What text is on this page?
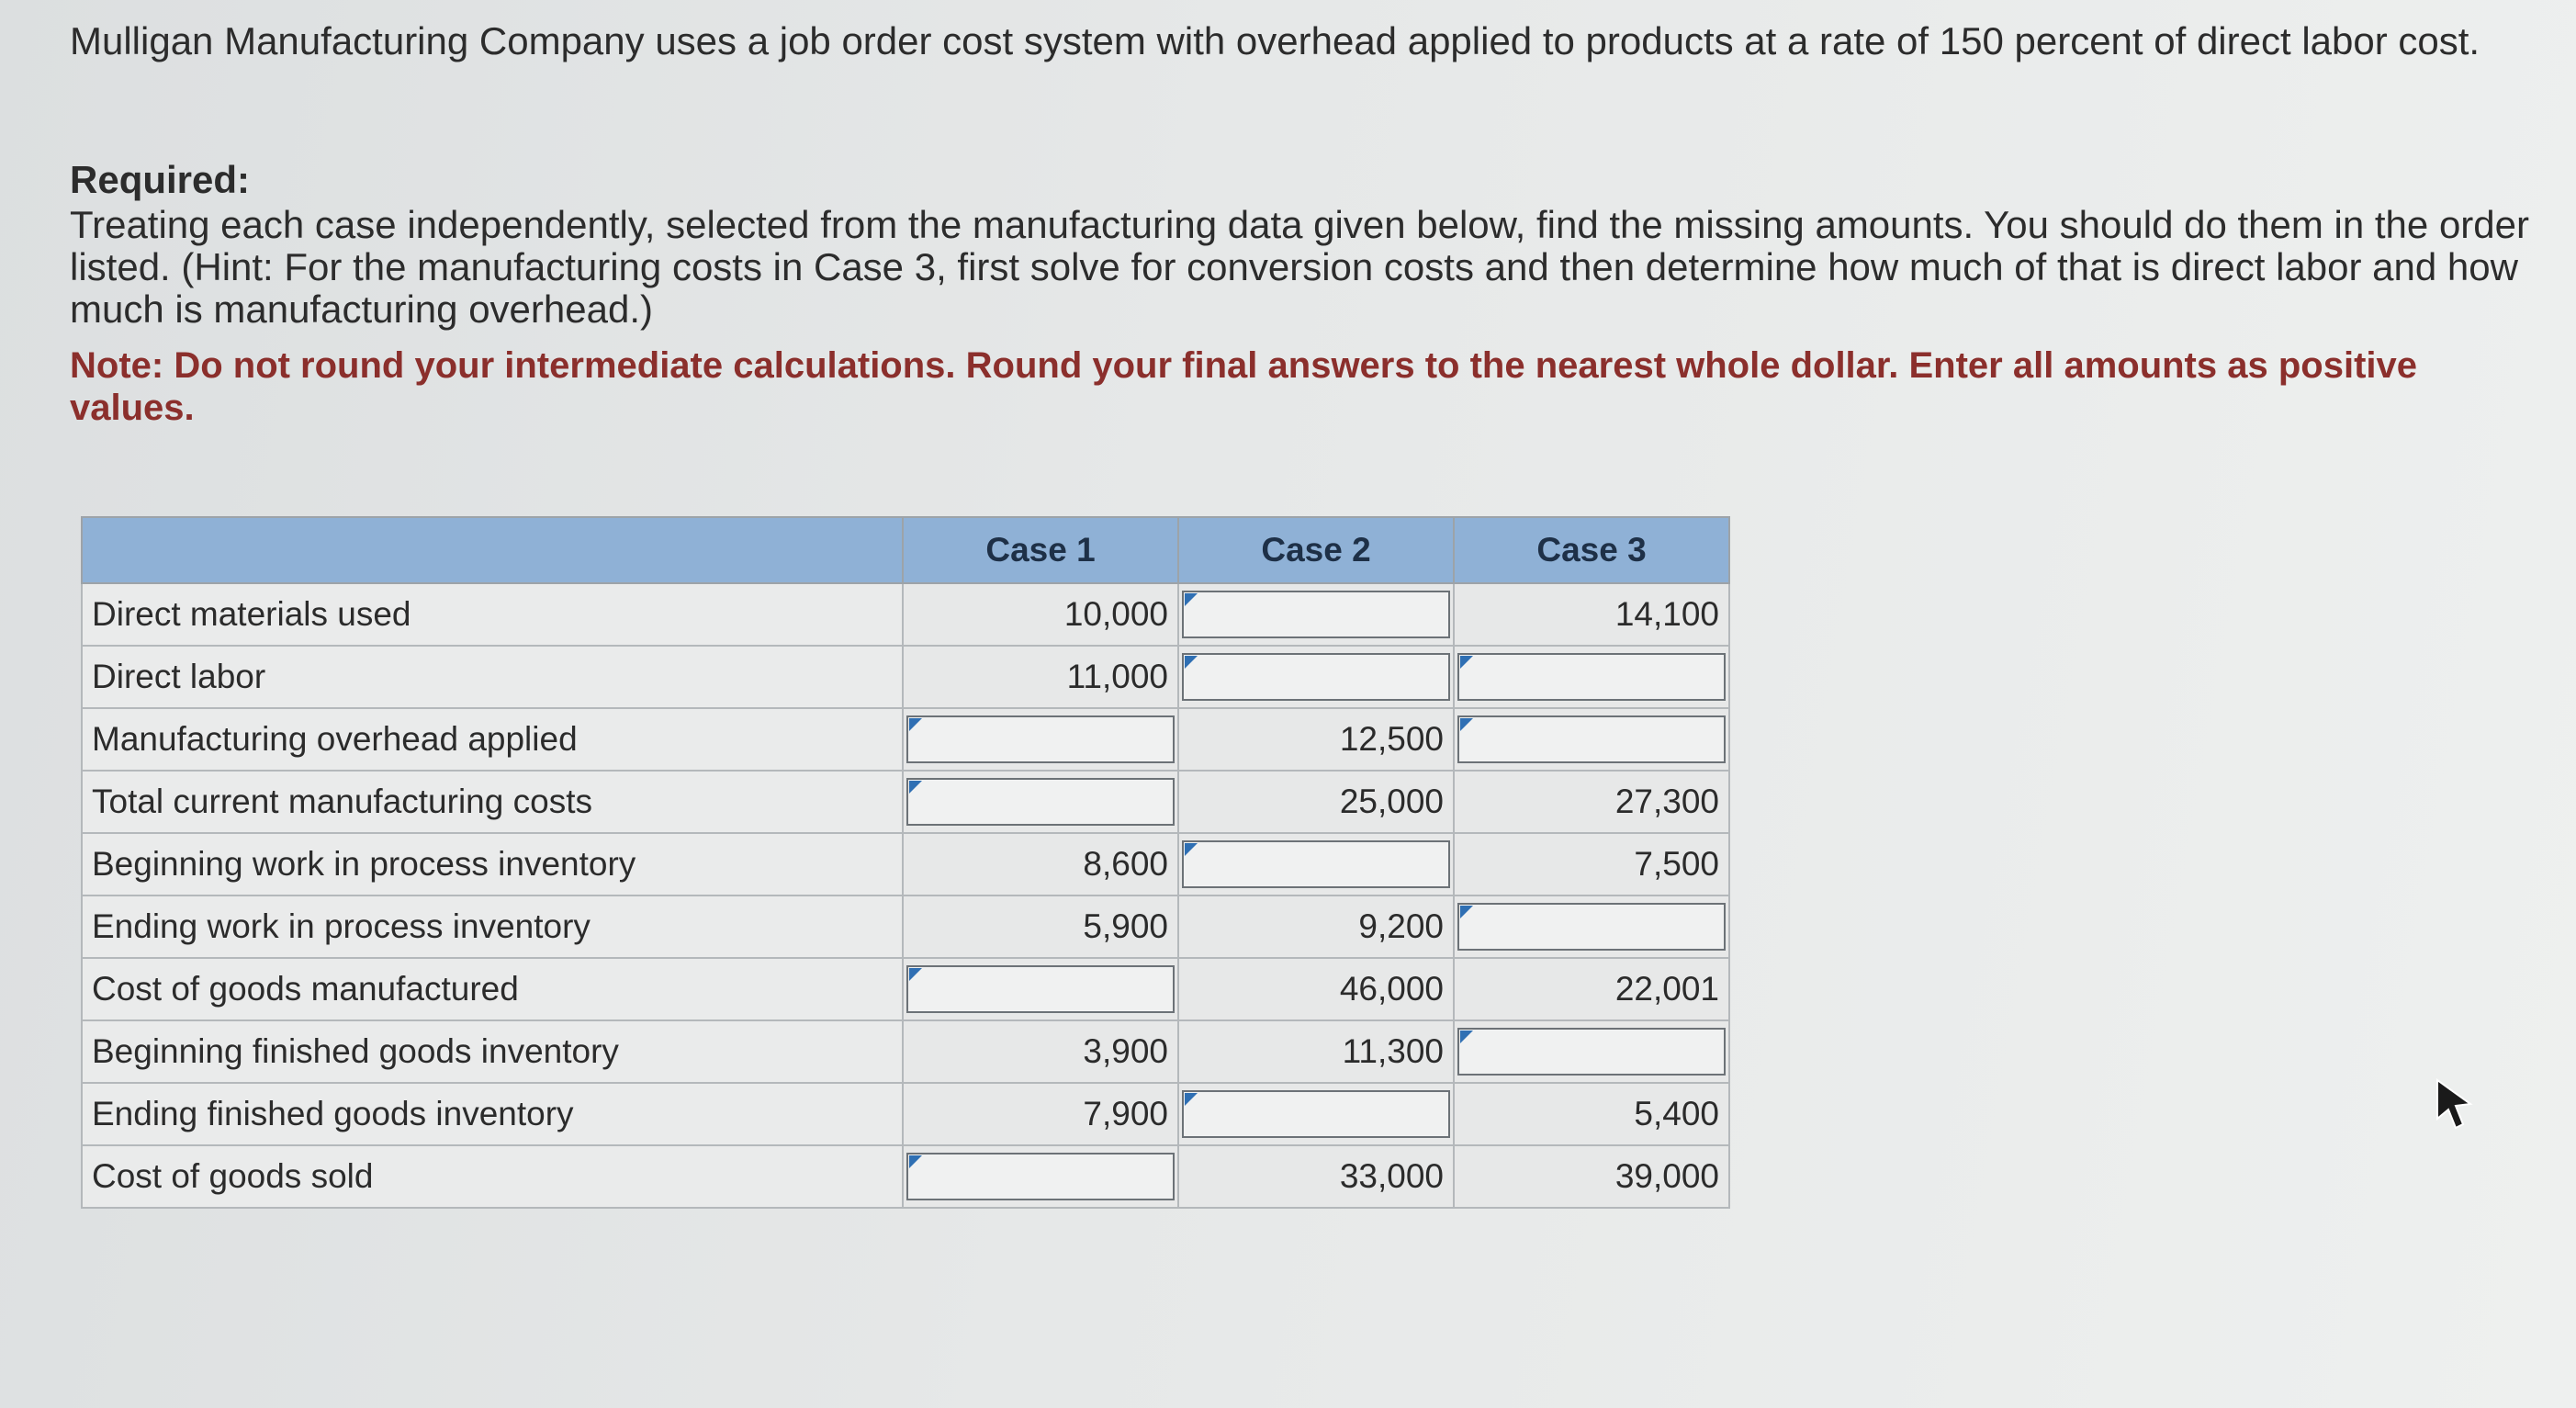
Mulligan Manufacturing Company uses a job order cost system with overhead applied to products at a rate of 150 percent of direct labor cost.
Required:
Treating each case independently, selected from the manufacturing data given below, find the missing amounts. You should do them in the order listed. (Hint: For the manufacturing costs in Case 3, first solve for conversion costs and then determine how much of that is direct labor and how much is manufacturing overhead.)
Note: Do not round your intermediate calculations. Round your final answers to the nearest whole dollar. Enter all amounts as positive values.
	Case 1	Case 2	Case 3
Direct materials used	10,000		14,100
Direct labor	11,000	

Manufacturing overhead applied		12,500	

Total current manufacturing costs		25,000	27,300
Beginning work in process inventory	8,600		7,500
Ending work in process inventory	5,900	9,200	

Cost of goods manufactured		46,000	22,001
Beginning finished goods inventory	3,900	11,300	

Ending finished goods inventory	7,900		5,400
Cost of goods sold		33,000	39,000
